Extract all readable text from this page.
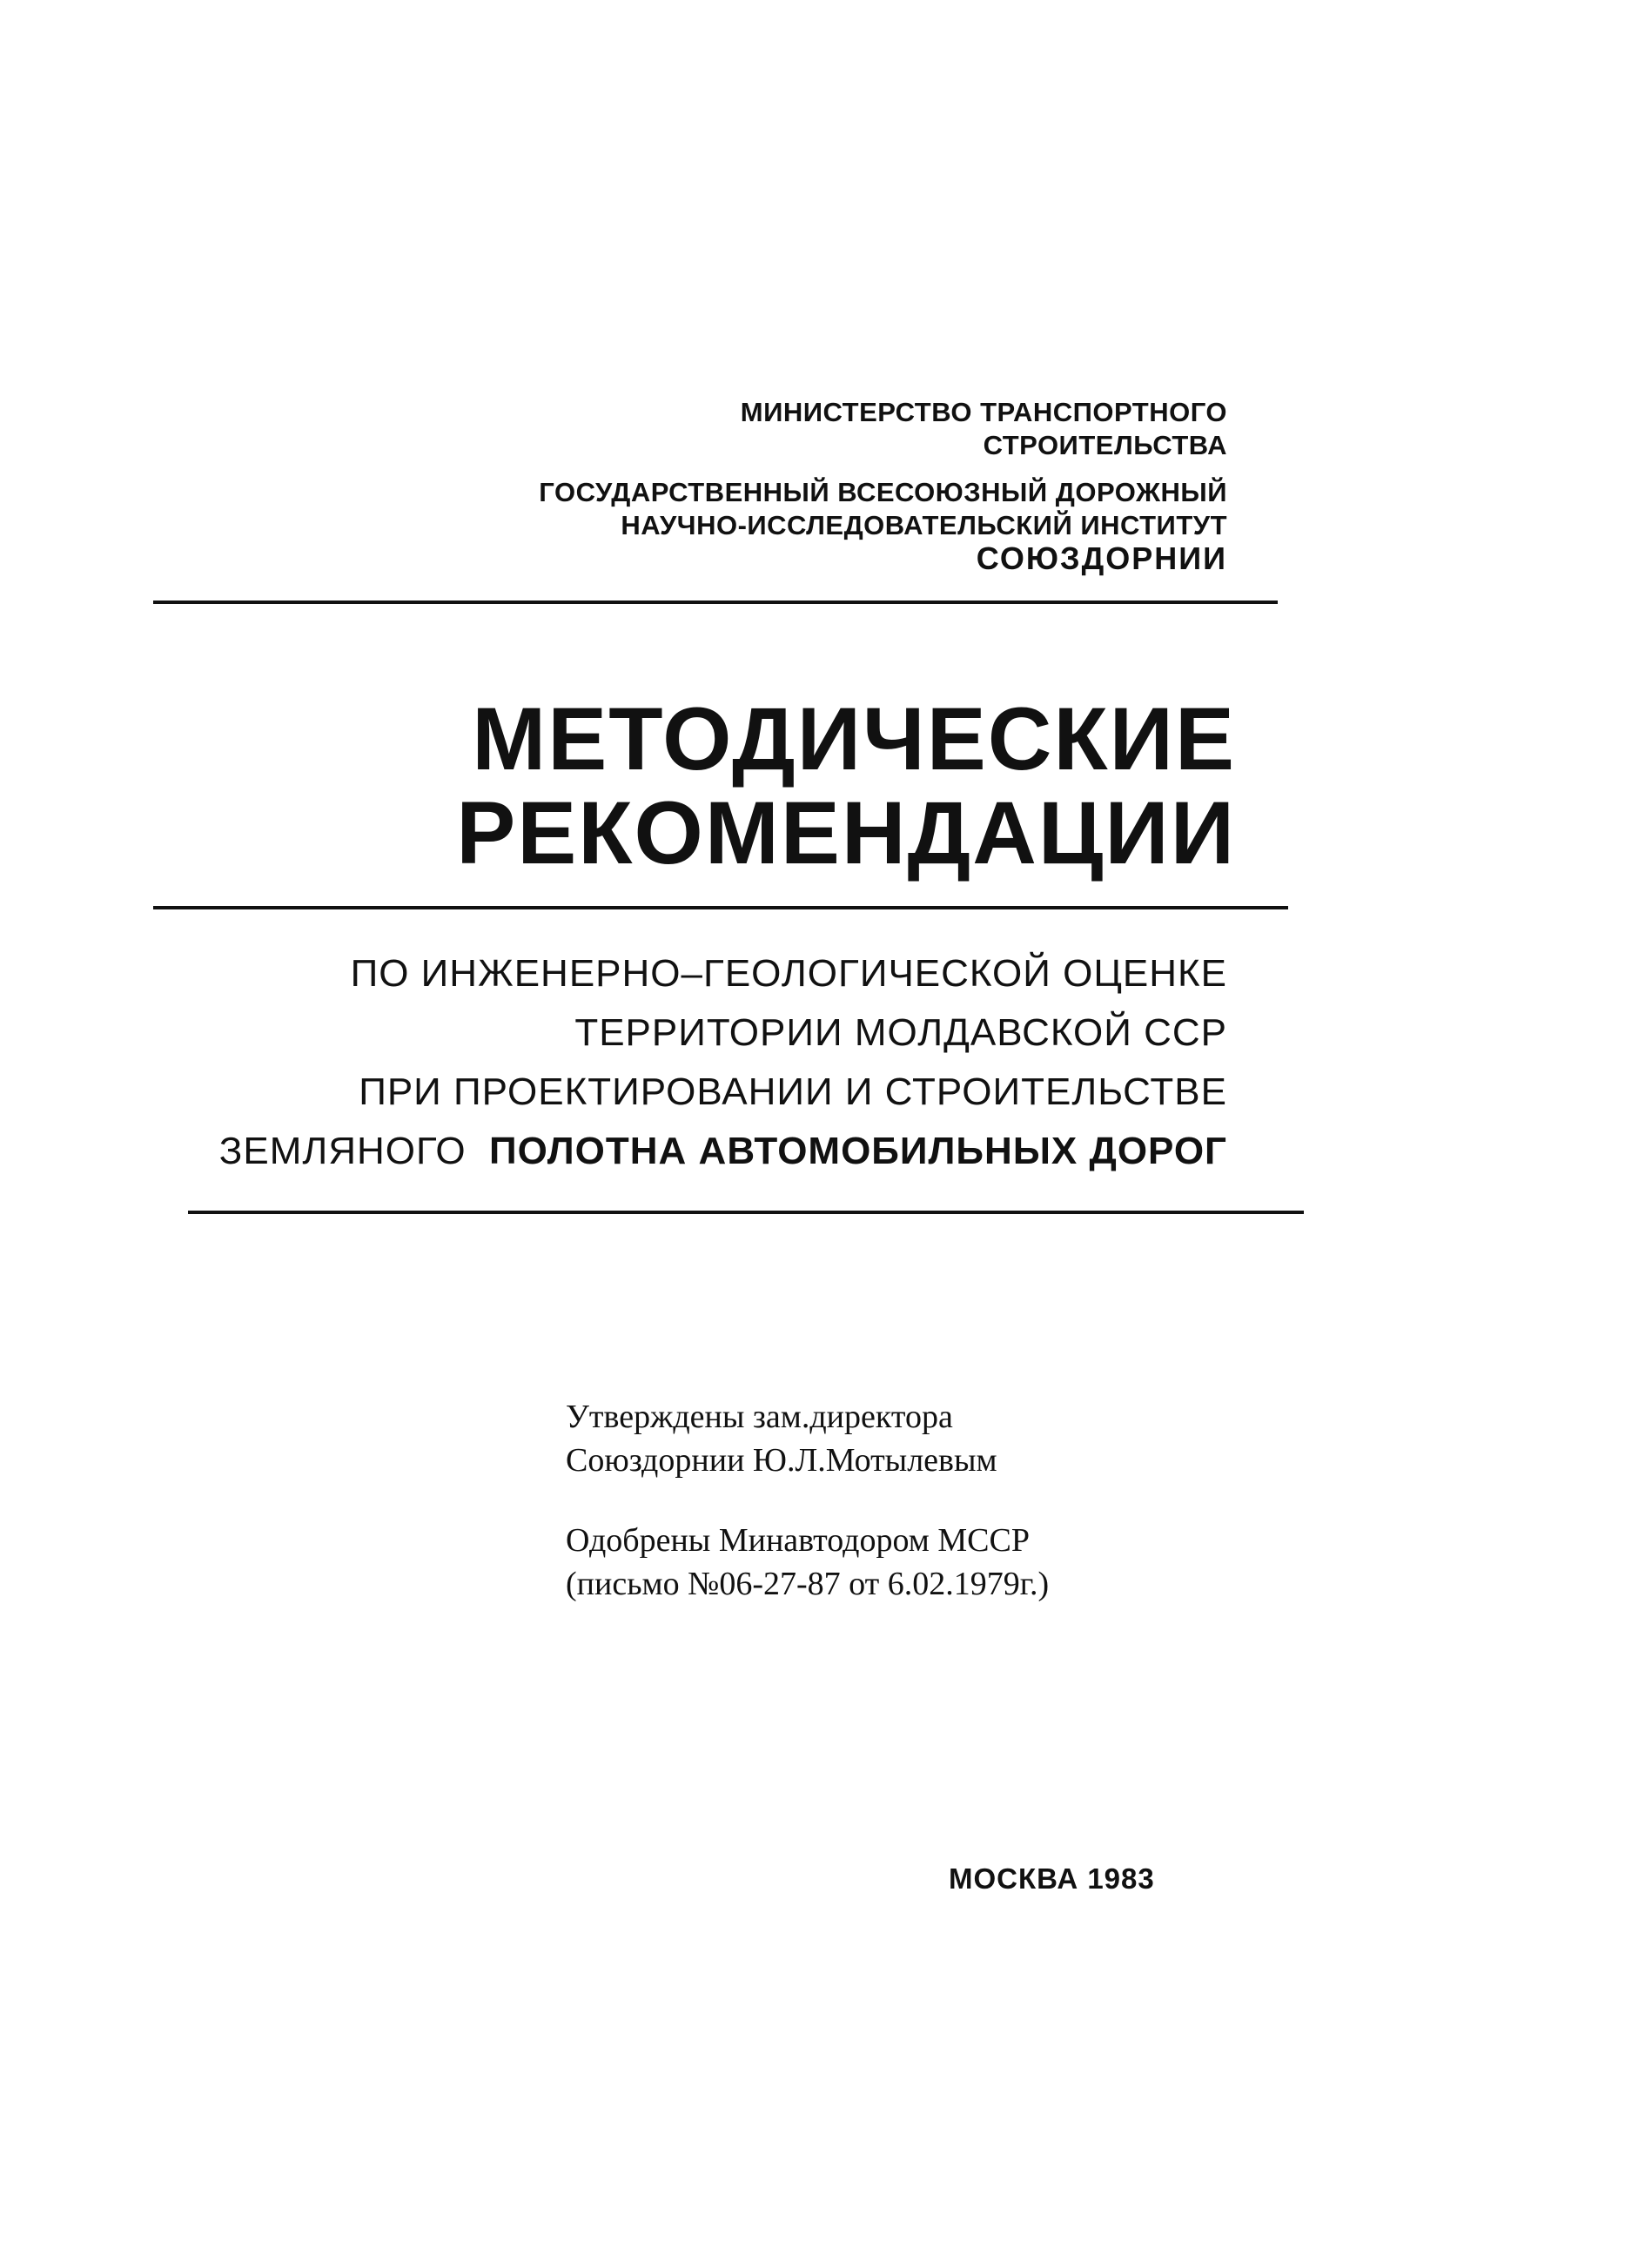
МИНИСТЕРСТВО ТРАНСПОРТНОГО
СТРОИТЕЛЬСТВА
ГОСУДАРСТВЕННЫЙ ВСЕСОЮЗНЫЙ ДОРОЖНЫЙ
НАУЧНО-ИССЛЕДОВАТЕЛЬСКИЙ ИНСТИТУТ
СОЮЗДОРНИИ
МЕТОДИЧЕСКИЕ
РЕКОМЕНДАЦИИ
ПО ИНЖЕНЕРНО–ГЕОЛОГИЧЕСКОЙ ОЦЕНКЕ
ТЕРРИТОРИИ МОЛДАВСКОЙ ССР
ПРИ ПРОЕКТИРОВАНИИ И СТРОИТЕЛЬСТВЕ
ЗЕМЛЯНОГО ПОЛОТНА АВТОМОБИЛЬНЫХ ДОРОГ
Утверждены зам.директора
Союздорнии Ю.Л.Мотылевым
Одобрены Минавтодором МССР
(письмо №06-27-87 от 6.02.1979г.)
МОСКВА 1983
